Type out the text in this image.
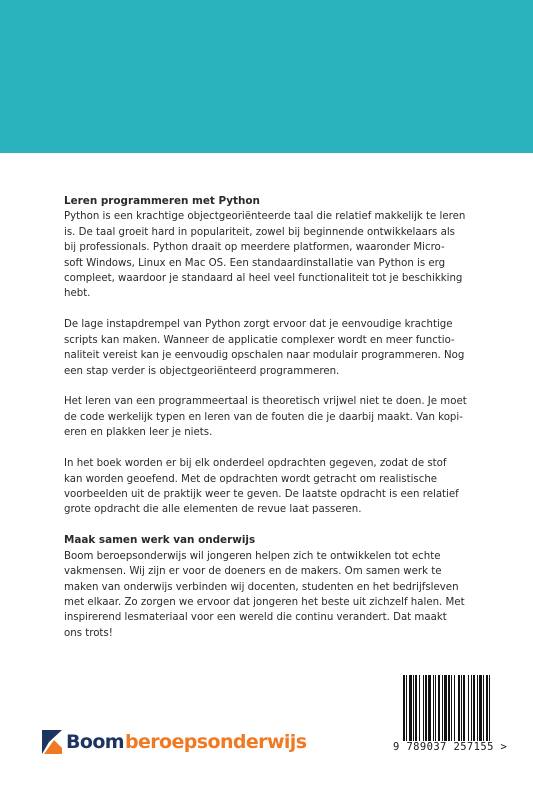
Leren programmeren met Python

Python is een krachtige objectgeoriënteerde taal die relatief makkelijk te leren
is. De taal groeit hard in populariteit, zowel bij beginnende ontwikkelaars als
bij professionals. Python draait op meerdere platformen, waaronder Micro-
soft Windows, Linux en Mac OS. Een standaardinstallatie van Python is erg
compleet, waardoor je standaard al heel veel functionaliteit tot je beschikking
hebt.

De lage instapdrempel van Python zorgt ervoor dat je eenvoudige krachtige
scripts kan maken. Wanneer de applicatie complexer wordt en meer functio-
naliteit vereist kan je eenvoudig opschalen naar modulair programmeren. Nog
een stap verder is objectgeoriënteerd programmeren.

Het leren van een programmeertaal is theoretisch vrijwel niet te doen. Je moet
de code werkelijk typen en leren van de fouten die je daarbij maakt. Van kopi-
eren en plakken leer je niets.

In het boek worden er bij elk onderdeel opdrachten gegeven, zodat de stof
kan worden geoefend. Met de opdrachten wordt getracht om realistische
voorbeelden uit de praktijk weer te geven. De laatste opdracht is een relatief
grote opdracht die alle elementen de revue laat passeren.

Maak samen werk van onderwijs

Boom beroepsonderwijs wil jongeren helpen zich te ontwikkelen tot echte
vakmensen. Wij zijn er voor de doeners en de makers. Om samen werk te
maken van onderwijs verbinden wij docenten, studenten en het bedrijfsleven
met elkaar. Zo zorgen we ervoor dat jongeren het beste uit zichzelf halen. Met
inspirerend lesmateriaal voor een wereld die continu verandert. Dat maakt
ons trots!

Boom beroepsonderwijs	9 789037 257155 >
